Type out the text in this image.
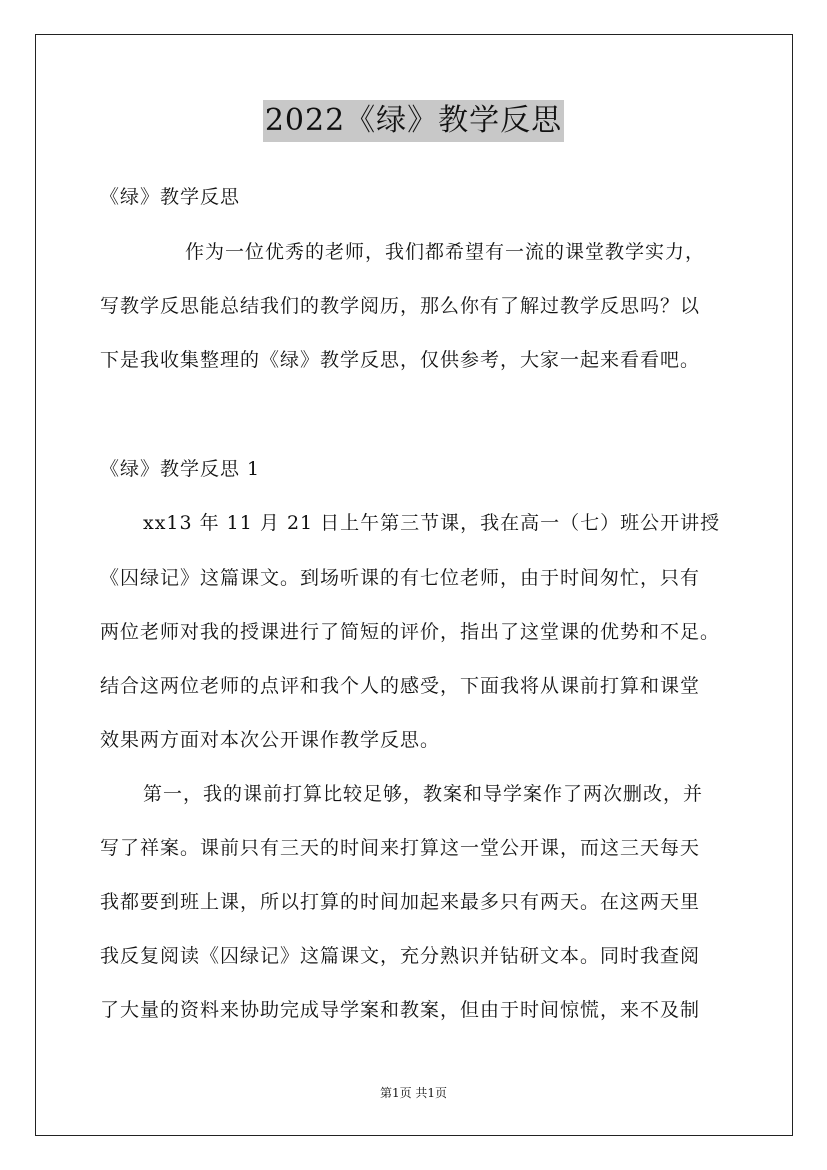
2022《绿》教学反思
《绿》教学反思
作为一位优秀的老师，我们都希望有一流的课堂教学实力，
写教学反思能总结我们的教学阅历，那么你有了解过教学反思吗？以
下是我收集整理的《绿》教学反思，仅供参考，大家一起来看看吧。
《绿》教学反思 1
xx13 年 11 月 21 日上午第三节课，我在高一（七）班公开讲授
《囚绿记》这篇课文。到场听课的有七位老师，由于时间匆忙，只有
两位老师对我的授课进行了简短的评价，指出了这堂课的优势和不足。
结合这两位老师的点评和我个人的感受，下面我将从课前打算和课堂
效果两方面对本次公开课作教学反思。
第一，我的课前打算比较足够，教案和导学案作了两次删改，并
写了祥案。课前只有三天的时间来打算这一堂公开课，而这三天每天
我都要到班上课，所以打算的时间加起来最多只有两天。在这两天里
我反复阅读《囚绿记》这篇课文，充分熟识并钻研文本。同时我查阅
了大量的资料来协助完成导学案和教案，但由于时间惊慌，来不及制
第1页 共1页
